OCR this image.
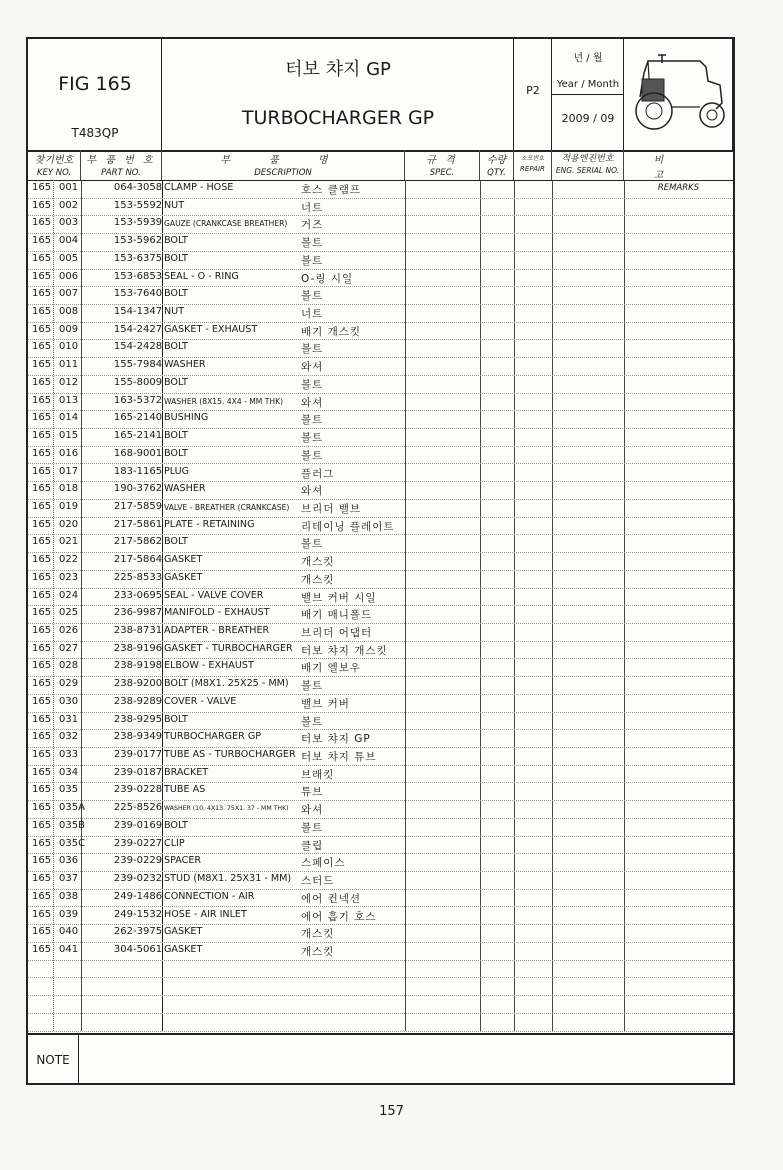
FIG 165
T483QP
터보 챠지 GP
TURBOCHARGER GP
P2
년 / 월
Year / Month
2009 / 09
찾기번호
KEY NO.
부 품 번 호
PART NO.
부 품 명
DESCRIPTION
규 격
SPEC.
수량
QTY.
소모번호
REPAIR
적용엔진번호
ENG. SERIAL NO.
비 고
REMARKS
165 001	064-3058 CLAMP - HOSE	호스 클램프
165 002	153-5592 NUT	너트
165 003	153-5939 GAUZE (CRANKCASE BREATHER) 거즈
165 004	153-5962 BOLT	볼트
165 005	153-6375 BOLT	볼트
165 006	153-6853 SEAL - O - RING	O-링 시일
165 007	153-7640 BOLT	볼트
165 008	154-1347 NUT	너트
165 009	154-2427 GASKET - EXHAUST	배기 개스킷
165 010	154-2428 BOLT	볼트
165 011	155-7984 WASHER	와셔
165 012	155-8009 BOLT	볼트
165 013	163-5372 WASHER (8X15. 4X4 - MM THK) 와셔
165 014	165-2140 BUSHING	볼트
165 015	165-2141 BOLT	볼트
165 016	168-9001 BOLT	볼트
165 017	183-1165 PLUG	플러그
165 018	190-3762 WASHER	와셔
165 019	217-5859 VALVE - BREATHER (CRANKCASE) 브리더 밸브
165 020	217-5861 PLATE - RETAINING	리테이닝 플레이트
165 021	217-5862 BOLT	볼트
165 022	217-5864 GASKET	개스킷
165 023	225-8533 GASKET	개스킷
165 024	233-0695 SEAL - VALVE COVER	밸브 커버 시일
165 025	236-9987 MANIFOLD - EXHAUST	배기 매니폴드
165 026	238-8731 ADAPTER - BREATHER	브리더 어댑터
165 027	238-9196 GASKET - TURBOCHARGER 터보 챠지 개스킷
165 028	238-9198 ELBOW - EXHAUST	배기 엘보우
165 029	238-9200 BOLT (M8X1. 25X25 - MM) 볼트
165 030	238-9289 COVER - VALVE	밸브 커버
165 031	238-9295 BOLT	볼트
165 032	238-9349 TURBOCHARGER GP	터보 챠지 GP
165 033	239-0177 TUBE AS - TURBOCHARGER 터보 챠지 튜브
165 034	239-0187 BRACKET	브래킷
165 035	239-0228 TUBE AS	튜브
165 035A	225-8526 WASHER (10. 4X13. 75X1. 37 - MM THK) 와셔
165 035B	239-0169 BOLT	볼트
165 035C	239-0227 CLIP	클립
165 036	239-0229 SPACER	스페이스
165 037	239-0232 STUD (M8X1. 25X31 - MM) 스터드
165 038	249-1486 CONNECTION - AIR	에어 컨넥션
165 039	249-1532 HOSE - AIR INLET	에어 흡기 호스
165 040	262-3975 GASKET	개스킷
165 041	304-5061 GASKET	개스킷
NOTE
157
